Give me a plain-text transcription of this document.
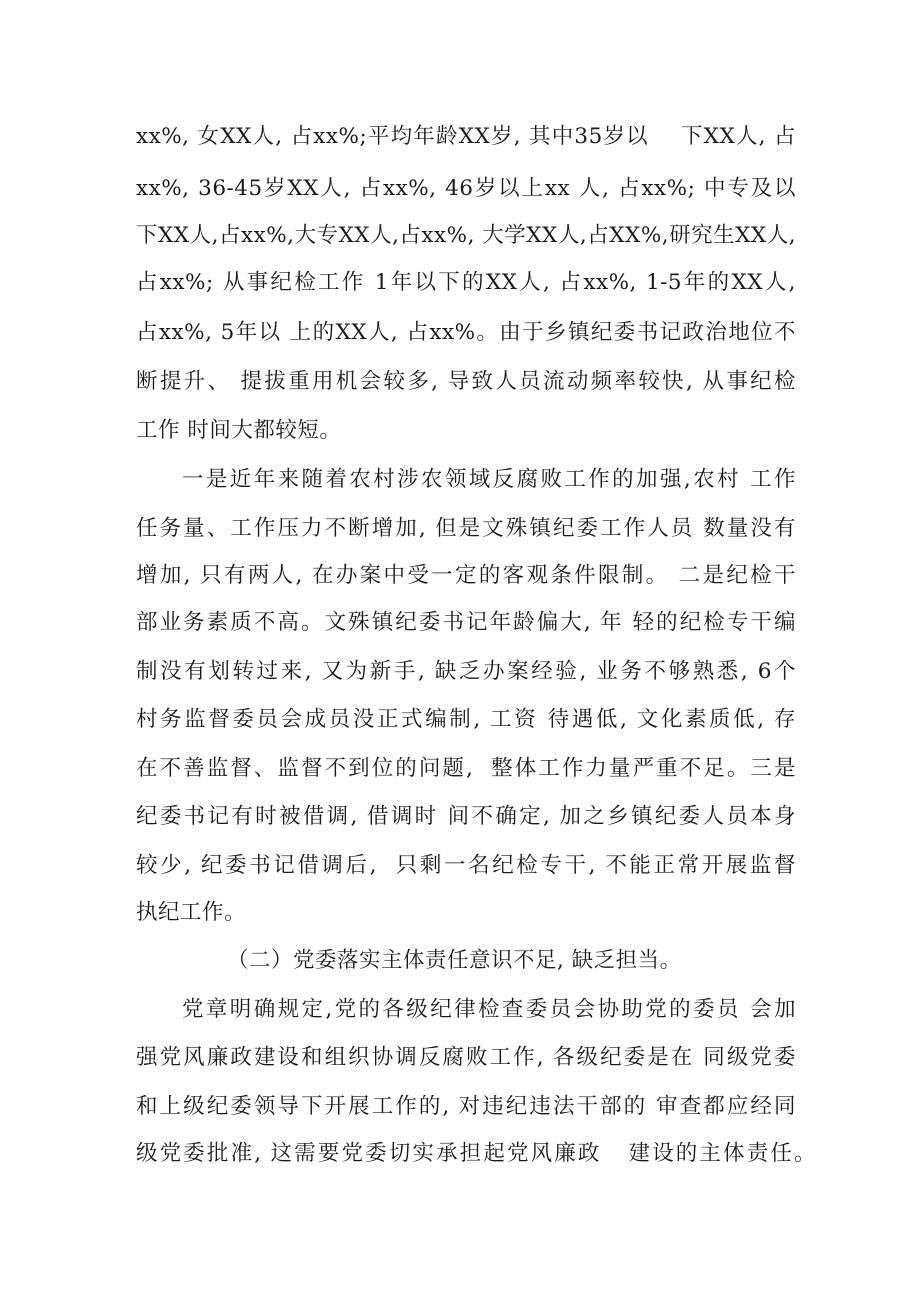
xx%, 女XX人, 占xx%;平均年龄XX岁, 其中35岁以    下XX人, 占
xx%, 36-45岁XX人, 占xx%, 46岁以上xx 人, 占xx%; 中专及以
下XX人,占xx%,大专XX人,占xx%, 大学XX人,占XX%,研究生XX人,
占xx%; 从事纪检工作 1年以下的XX人, 占xx%, 1-5年的XX人,
占xx%, 5年以 上的XX人, 占xx%。由于乡镇纪委书记政治地位不
断提升、 提拔重用机会较多, 导致人员流动频率较快, 从事纪检
工作 时间大都较短。
一是近年来随着农村涉农领域反腐败工作的加强,农村 工作
任务量、工作压力不断增加, 但是文殊镇纪委工作人员 数量没有
增加, 只有两人, 在办案中受一定的客观条件限制。 二是纪检干
部业务素质不高。文殊镇纪委书记年龄偏大, 年 轻的纪检专干编
制没有划转过来, 又为新手, 缺乏办案经验, 业务不够熟悉, 6个
村务监督委员会成员没正式编制, 工资 待遇低, 文化素质低, 存
在不善监督、监督不到位的问题,  整体工作力量严重不足。三是
纪委书记有时被借调, 借调时 间不确定, 加之乡镇纪委人员本身
较少, 纪委书记借调后,  只剩一名纪检专干, 不能正常开展监督
执纪工作。
（二）党委落实主体责任意识不足, 缺乏担当。
党章明确规定,党的各级纪律检查委员会协助党的委员 会加
强党风廉政建设和组织协调反腐败工作, 各级纪委是在 同级党委
和上级纪委领导下开展工作的, 对违纪违法干部的 审查都应经同
级党委批准, 这需要党委切实承担起党风廉政   建设的主体责任。
